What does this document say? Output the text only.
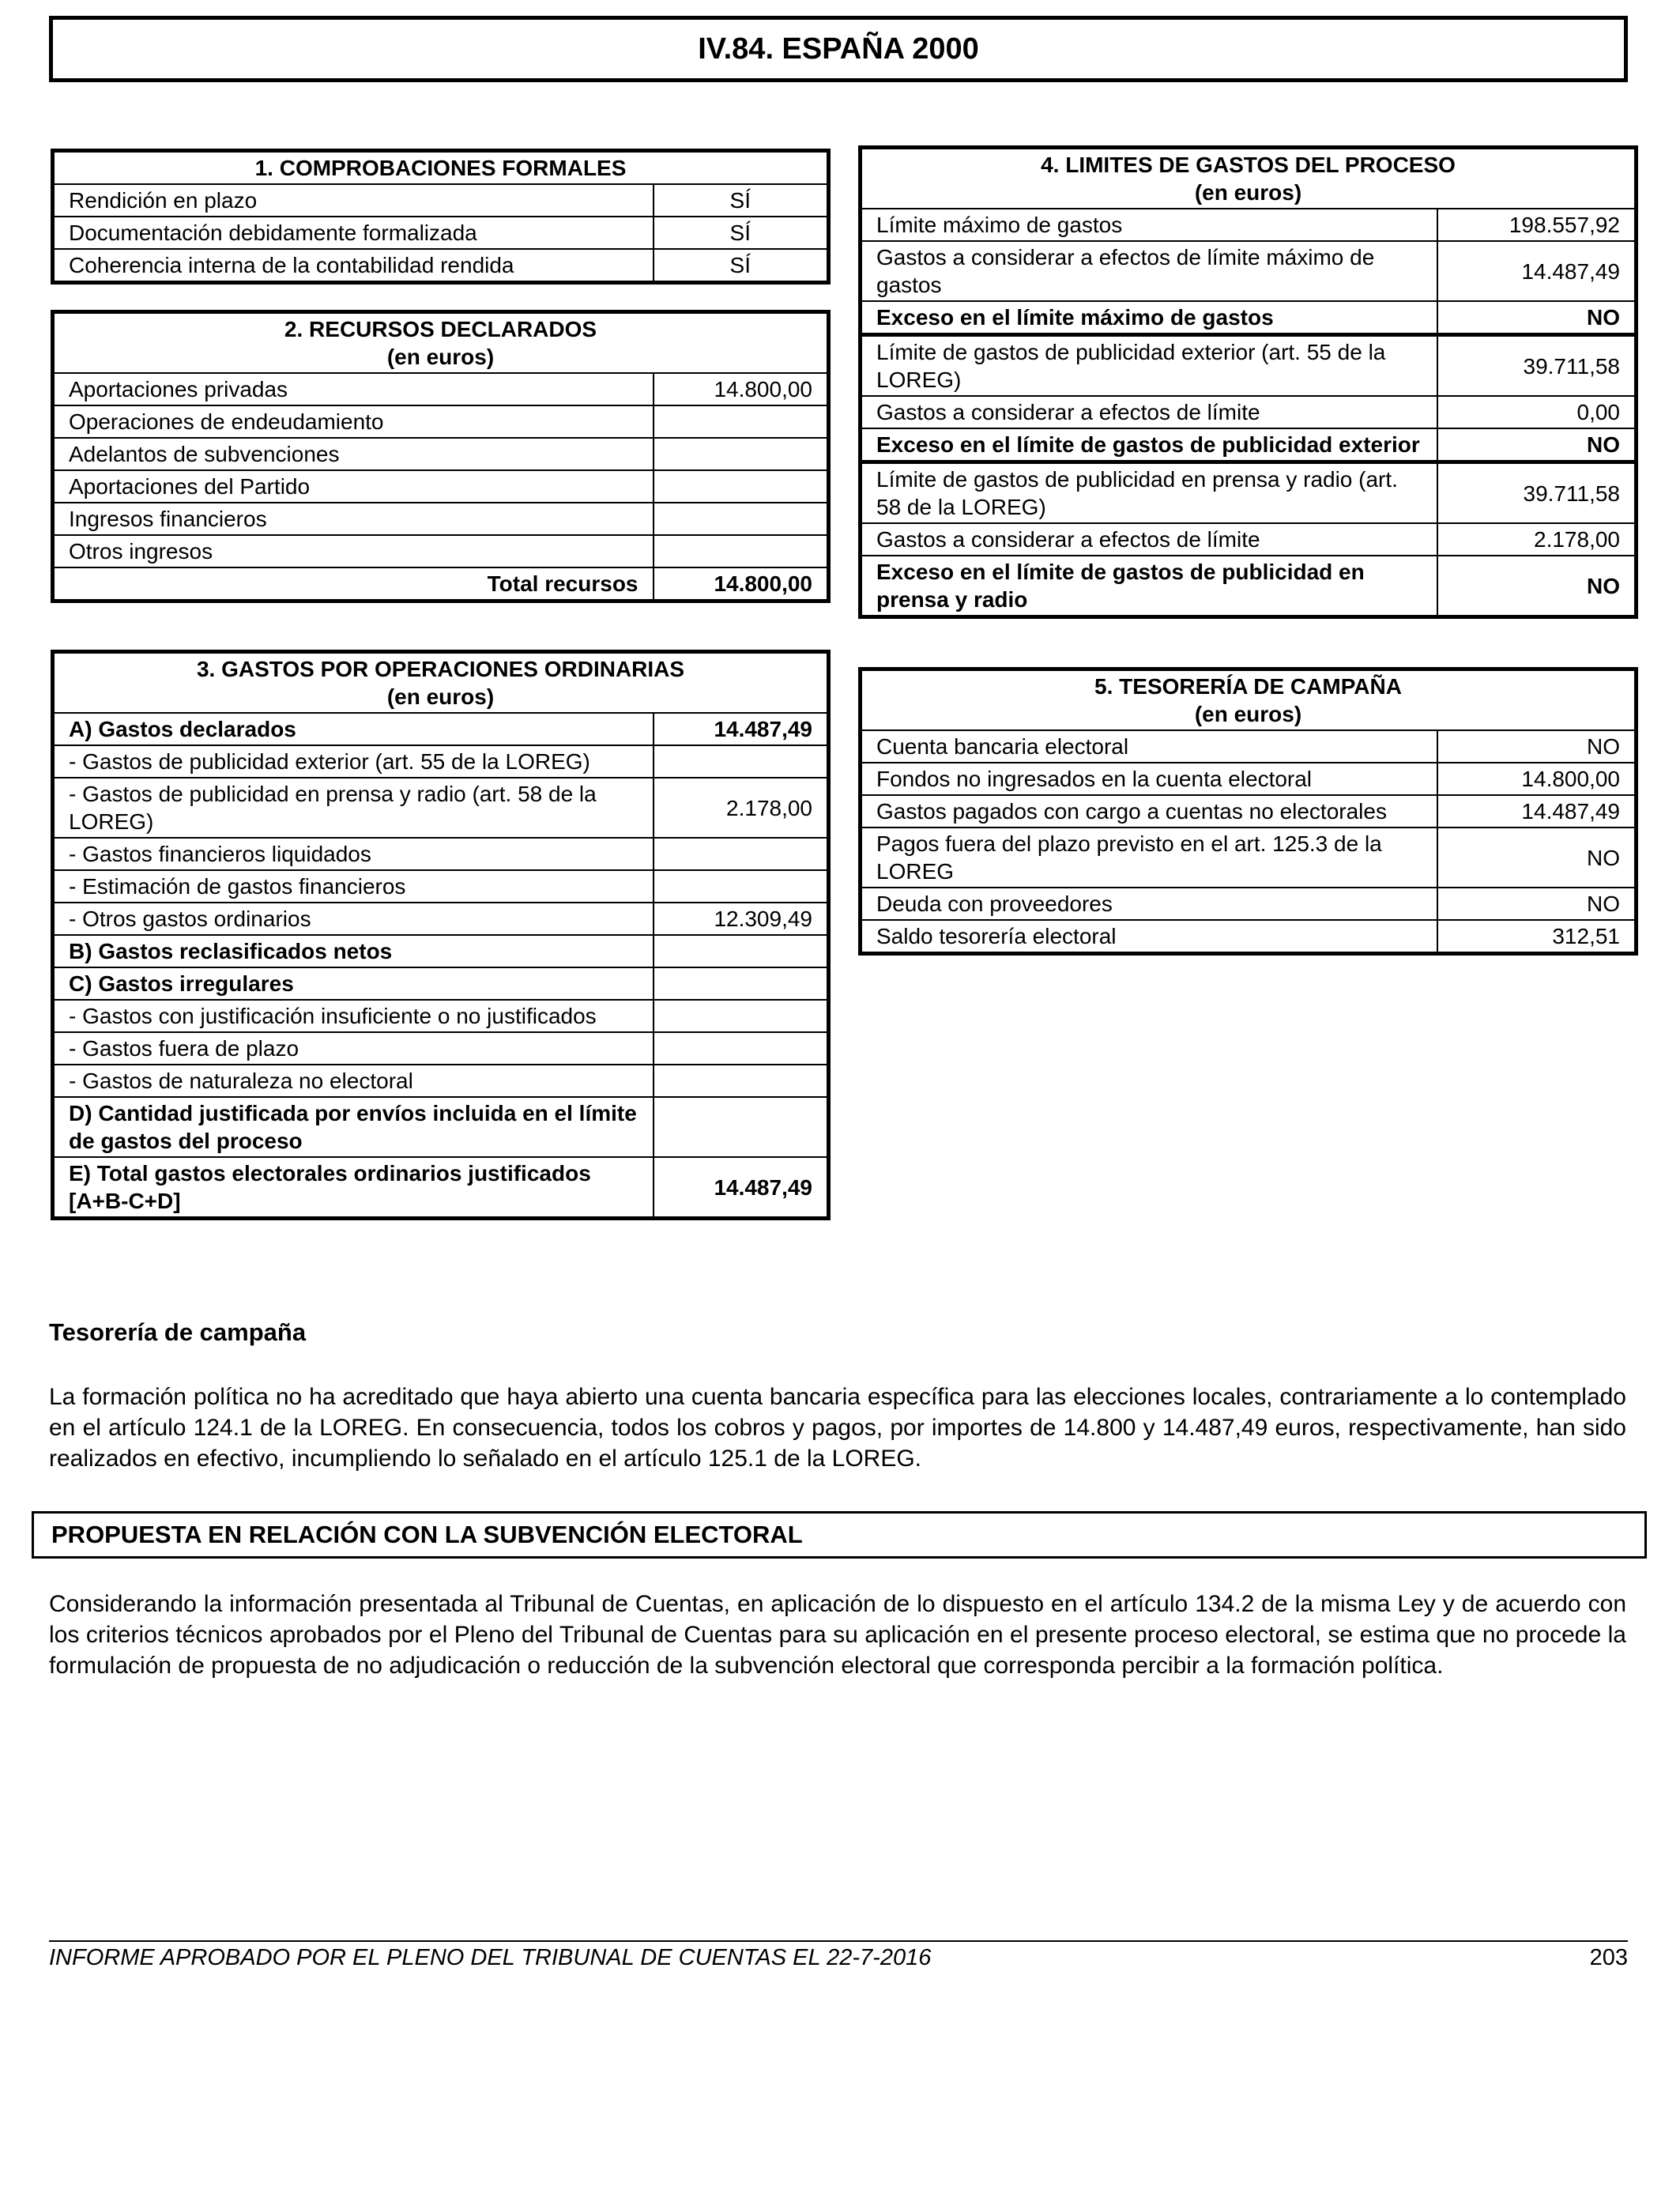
IV.84. ESPAÑA 2000
1. COMPROBACIONES FORMALES	
Rendición en plazo	SÍ
Documentación debidamente formalizada	SÍ
Coherencia interna de la contabilidad rendida	SÍ
2. RECURSOS DECLARADOS
(en euros)	

Aportaciones privadas	14.800,00
Operaciones de endeudamiento	
Adelantos de subvenciones	
Aportaciones del Partido	
Ingresos financieros	
Otros ingresos	
Total recursos	14.800,00
3. GASTOS POR OPERACIONES ORDINARIAS
(en euros)	

A) Gastos declarados	14.487,49
- Gastos de publicidad exterior (art. 55 de la LOREG)	
- Gastos de publicidad en prensa y radio (art. 58 de la LOREG)	2.178,00
- Gastos financieros liquidados	
- Estimación de gastos financieros	
- Otros gastos ordinarios	12.309,49
B) Gastos reclasificados netos	
C) Gastos irregulares	
- Gastos con justificación insuficiente o no justificados	
- Gastos fuera de plazo	
- Gastos de naturaleza no electoral	
D) Cantidad justificada por envíos incluida en el límite de gastos del proceso	
E) Total gastos electorales ordinarios justificados [A+B-C+D]	14.487,49
4. LIMITES DE GASTOS DEL PROCESO
(en euros)	

Límite máximo de gastos	198.557,92
Gastos a considerar a efectos de límite máximo de gastos	14.487,49
Exceso en el límite máximo de gastos	NO
Límite de gastos de publicidad exterior (art. 55 de la LOREG)	39.711,58
Gastos a considerar a efectos de límite	0,00
Exceso en el límite de gastos de publicidad exterior	NO
Límite de gastos de publicidad en prensa y radio (art. 58 de la LOREG)	39.711,58
Gastos a considerar a efectos de límite	2.178,00
Exceso en el límite de gastos de publicidad en prensa y radio	NO
5. TESORERÍA DE CAMPAÑA
(en euros)	

Cuenta bancaria electoral	NO
Fondos no ingresados en la cuenta electoral	14.800,00
Gastos pagados con cargo a cuentas no electorales	14.487,49
Pagos fuera del plazo previsto en el art. 125.3 de la LOREG	NO
Deuda con proveedores	NO
Saldo tesorería electoral	312,51
Tesorería de campaña

La formación política no ha acreditado que haya abierto una cuenta bancaria específica para las elecciones locales, contrariamente a lo contemplado en el artículo 124.1 de la LOREG. En consecuencia, todos los cobros y pagos, por importes de 14.800 y 14.487,49 euros, respectivamente, han sido realizados en efectivo, incumpliendo lo señalado en el artículo 125.1 de la LOREG.

PROPUESTA EN RELACIÓN CON LA SUBVENCIÓN ELECTORAL

Considerando la información presentada al Tribunal de Cuentas, en aplicación de lo dispuesto en el artículo 134.2 de la misma Ley y de acuerdo con los criterios técnicos aprobados por el Pleno del Tribunal de Cuentas para su aplicación en el presente proceso electoral, se estima que no procede la formulación de propuesta de no adjudicación o reducción de la subvención electoral que corresponda percibir a la formación política.

INFORME APROBADO POR EL PLENO DEL TRIBUNAL DE CUENTAS EL 22-7-2016	203
